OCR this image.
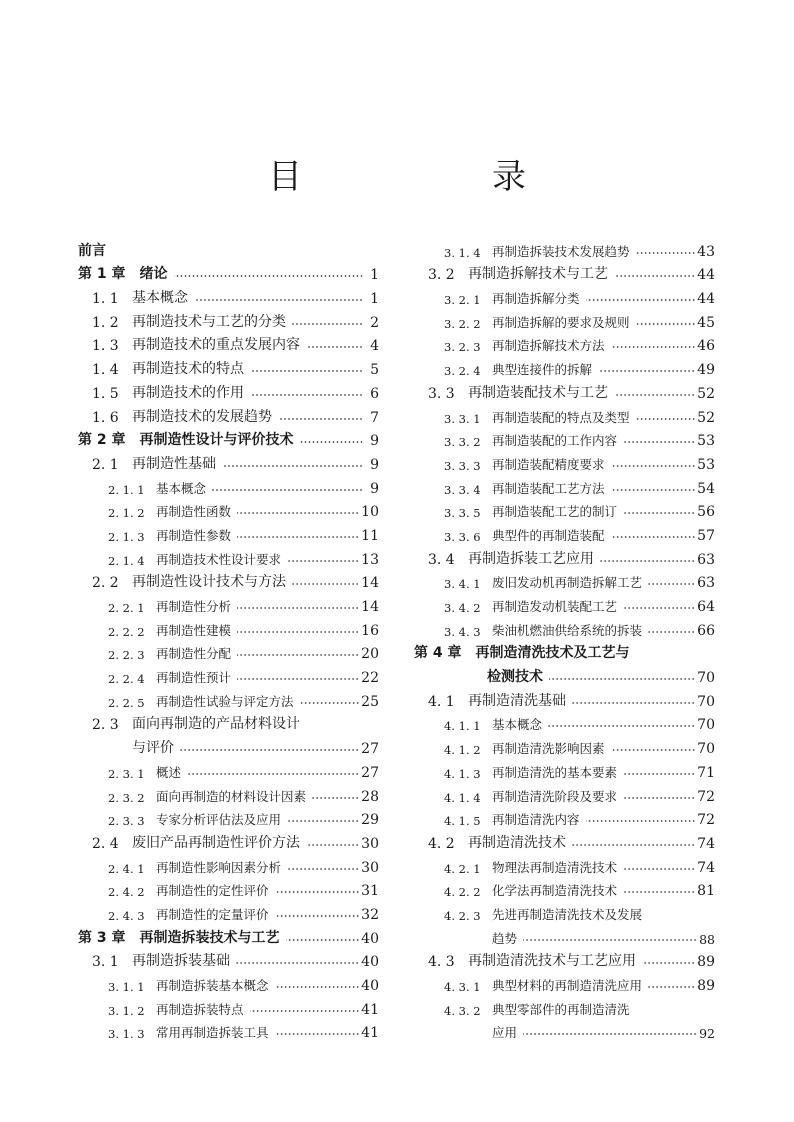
目　录
前言
第 1 章 绪论	1
1. 1 基本概念	1
1. 2 再制造技术与工艺的分类	2
1. 3 再制造技术的重点发展内容	4
1. 4 再制造技术的特点	5
1. 5 再制造技术的作用	6
1. 6 再制造技术的发展趋势	7
第 2 章 再制造性设计与评价技术	9
2. 1 再制造性基础	9
2. 1. 1 基本概念	9
2. 1. 2 再制造性函数	10
2. 1. 3 再制造性参数	11
2. 1. 4 再制造技术性设计要求	13
2. 2 再制造性设计技术与方法	14
2. 2. 1 再制造性分析	14
2. 2. 2 再制造性建模	16
2. 2. 3 再制造性分配	20
2. 2. 4 再制造性预计	22
2. 2. 5 再制造性试验与评定方法	25
2. 3 面向再制造的产品材料设计
与评价	27
2. 3. 1 概述	27
2. 3. 2 面向再制造的材料设计因素	28
2. 3. 3 专家分析评估法及应用	29
2. 4 废旧产品再制造性评价方法	30
2. 4. 1 再制造性影响因素分析	30
2. 4. 2 再制造性的定性评价	31
2. 4. 3 再制造性的定量评价	32
第 3 章 再制造拆装技术与工艺	40
3. 1 再制造拆装基础	40
3. 1. 1 再制造拆装基本概念	40
3. 1. 2 再制造拆装特点	41
3. 1. 3 常用再制造拆装工具	41
3. 1. 4 再制造拆装技术发展趋势	43
3. 2 再制造拆解技术与工艺	44
3. 2. 1 再制造拆解分类	44
3. 2. 2 再制造拆解的要求及规则	45
3. 2. 3 再制造拆解技术方法	46
3. 2. 4 典型连接件的拆解	49
3. 3 再制造装配技术与工艺	52
3. 3. 1 再制造装配的特点及类型	52
3. 3. 2 再制造装配的工作内容	53
3. 3. 3 再制造装配精度要求	53
3. 3. 4 再制造装配工艺方法	54
3. 3. 5 再制造装配工艺的制订	56
3. 3. 6 典型件的再制造装配	57
3. 4 再制造拆装工艺应用	63
3. 4. 1 废旧发动机再制造拆解工艺	63
3. 4. 2 再制造发动机装配工艺	64
3. 4. 3 柴油机燃油供给系统的拆装	66
第 4 章 再制造清洗技术及工艺与
检测技术	70
4. 1 再制造清洗基础	70
4. 1. 1 基本概念	70
4. 1. 2 再制造清洗影响因素	70
4. 1. 3 再制造清洗的基本要素	71
4. 1. 4 再制造清洗阶段及要求	72
4. 1. 5 再制造清洗内容	72
4. 2 再制造清洗技术	74
4. 2. 1 物理法再制造清洗技术	74
4. 2. 2 化学法再制造清洗技术	81
4. 2. 3 先进再制造清洗技术及发展
趋势	88
4. 3 再制造清洗技术与工艺应用	89
4. 3. 1 典型材料的再制造清洗应用	89
4. 3. 2 典型零部件的再制造清洗
应用	92
